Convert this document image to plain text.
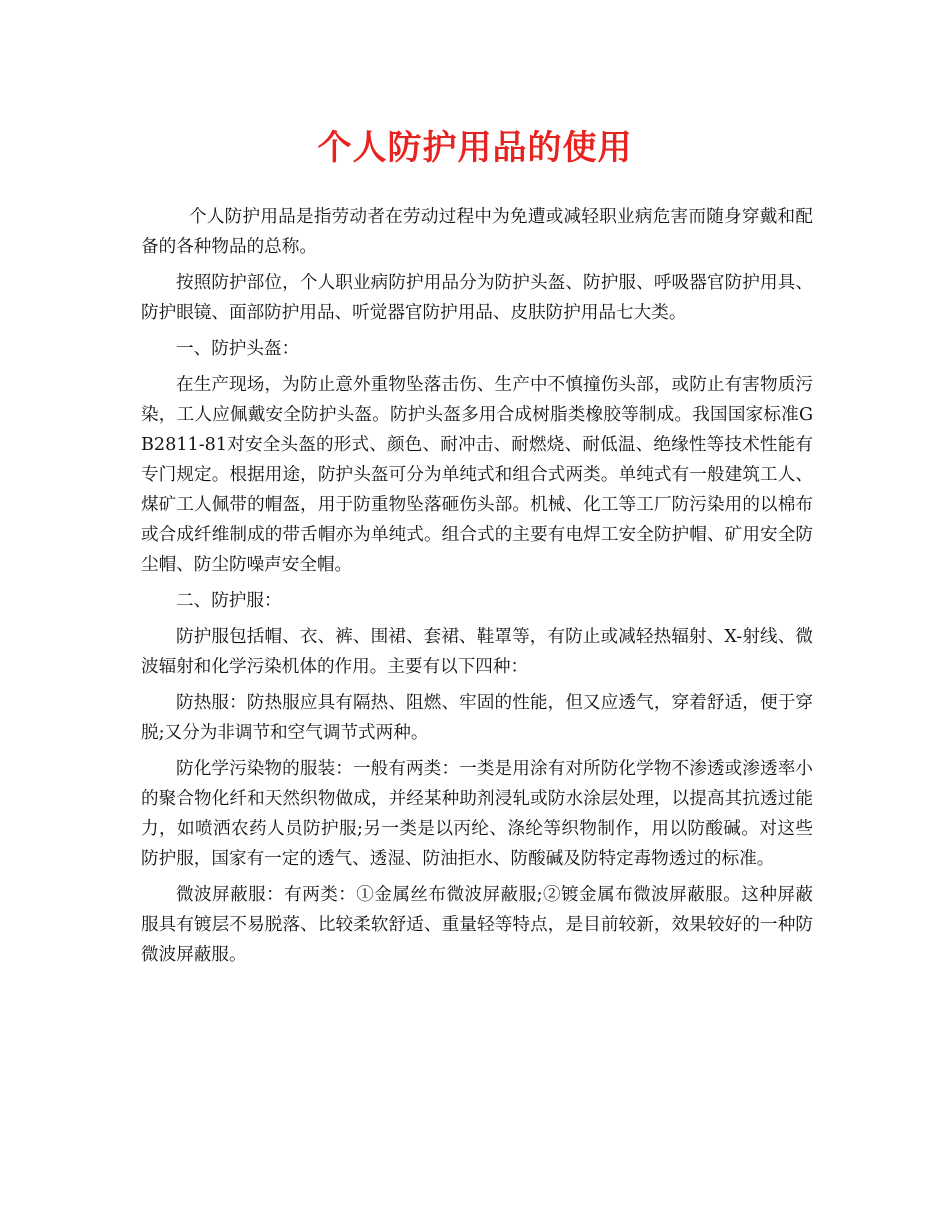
个人防护用品的使用

个人防护用品是指劳动者在劳动过程中为免遭或减轻职业病危害而随身穿戴和配备的各种物品的总称。

按照防护部位，个人职业病防护用品分为防护头盔、防护服、呼吸器官防护用具、防护眼镜、面部防护用品、听觉器官防护用品、皮肤防护用品七大类。

一、防护头盔：

在生产现场，为防止意外重物坠落击伤、生产中不慎撞伤头部，或防止有害物质污染，工人应佩戴安全防护头盔。防护头盔多用合成树脂类橡胶等制成。我国国家标准GB2811-81对安全头盔的形式、颜色、耐冲击、耐燃烧、耐低温、绝缘性等技术性能有专门规定。根据用途，防护头盔可分为单纯式和组合式两类。单纯式有一般建筑工人、煤矿工人佩带的帽盔，用于防重物坠落砸伤头部。机械、化工等工厂防污染用的以棉布或合成纤维制成的带舌帽亦为单纯式。组合式的主要有电焊工安全防护帽、矿用安全防尘帽、防尘防噪声安全帽。

二、防护服：

防护服包括帽、衣、裤、围裙、套裙、鞋罩等，有防止或减轻热辐射、X-射线、微波辐射和化学污染机体的作用。主要有以下四种：

防热服：防热服应具有隔热、阻燃、牢固的性能，但又应透气，穿着舒适，便于穿脱;又分为非调节和空气调节式两种。

防化学污染物的服装：一般有两类：一类是用涂有对所防化学物不渗透或渗透率小的聚合物化纤和天然织物做成，并经某种助剂浸轧或防水涂层处理，以提高其抗透过能力，如喷洒农药人员防护服;另一类是以丙纶、涤纶等织物制作，用以防酸碱。对这些防护服，国家有一定的透气、透湿、防油拒水、防酸碱及防特定毒物透过的标准。

微波屏蔽服：有两类：①金属丝布微波屏蔽服;②镀金属布微波屏蔽服。这种屏蔽服具有镀层不易脱落、比较柔软舒适、重量轻等特点，是目前较新，效果较好的一种防微波屏蔽服。
